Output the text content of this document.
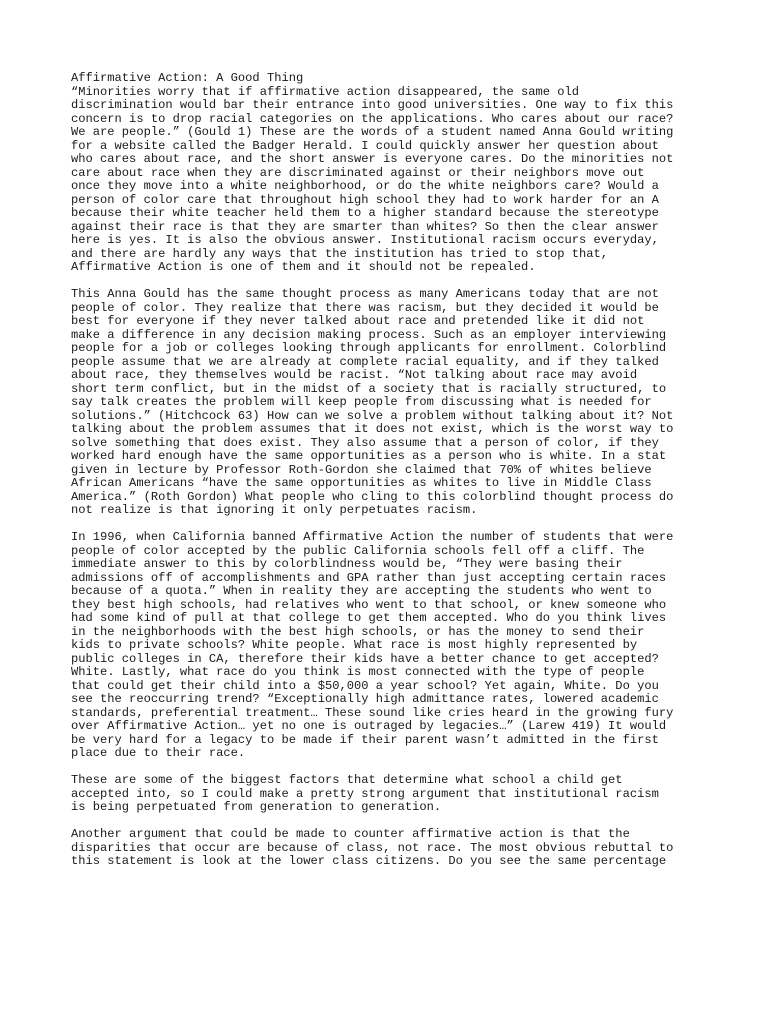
Affirmative Action: A Good Thing

“Minorities worry that if affirmative action disappeared, the same old
discrimination would bar their entrance into good universities. One way to fix this
concern is to drop racial categories on the applications. Who cares about our race?
We are people.” (Gould 1) These are the words of a student named Anna Gould writing
for a website called the Badger Herald. I could quickly answer her question about
who cares about race, and the short answer is everyone cares. Do the minorities not
care about race when they are discriminated against or their neighbors move out
once they move into a white neighborhood, or do the white neighbors care? Would a
person of color care that throughout high school they had to work harder for an A
because their white teacher held them to a higher standard because the stereotype
against their race is that they are smarter than whites? So then the clear answer
here is yes. It is also the obvious answer. Institutional racism occurs everyday,
and there are hardly any ways that the institution has tried to stop that,
Affirmative Action is one of them and it should not be repealed.

This Anna Gould has the same thought process as many Americans today that are not
people of color. They realize that there was racism, but they decided it would be
best for everyone if they never talked about race and pretended like it did not
make a difference in any decision making process. Such as an employer interviewing
people for a job or colleges looking through applicants for enrollment. Colorblind
people assume that we are already at complete racial equality, and if they talked
about race, they themselves would be racist. “Not talking about race may avoid
short term conflict, but in the midst of a society that is racially structured, to
say talk creates the problem will keep people from discussing what is needed for
solutions.” (Hitchcock 63) How can we solve a problem without talking about it? Not
talking about the problem assumes that it does not exist, which is the worst way to
solve something that does exist. They also assume that a person of color, if they
worked hard enough have the same opportunities as a person who is white. In a stat
given in lecture by Professor Roth-Gordon she claimed that 70% of whites believe
African Americans “have the same opportunities as whites to live in Middle Class
America.” (Roth Gordon) What people who cling to this colorblind thought process do
not realize is that ignoring it only perpetuates racism.

In 1996, when California banned Affirmative Action the number of students that were
people of color accepted by the public California schools fell off a cliff. The
immediate answer to this by colorblindness would be, “They were basing their
admissions off of accomplishments and GPA rather than just accepting certain races
because of a quota.” When in reality they are accepting the students who went to
they best high schools, had relatives who went to that school, or knew someone who
had some kind of pull at that college to get them accepted. Who do you think lives
in the neighborhoods with the best high schools, or has the money to send their
kids to private schools? White people. What race is most highly represented by
public colleges in CA, therefore their kids have a better chance to get accepted?
White. Lastly, what race do you think is most connected with the type of people
that could get their child into a $50,000 a year school? Yet again, White. Do you
see the reoccurring trend? “Exceptionally high admittance rates, lowered academic
standards, preferential treatment… These sound like cries heard in the growing fury
over Affirmative Action… yet no one is outraged by legacies…” (Larew 419) It would
be very hard for a legacy to be made if their parent wasn’t admitted in the first
place due to their race.

These are some of the biggest factors that determine what school a child get
accepted into, so I could make a pretty strong argument that institutional racism
is being perpetuated from generation to generation.

Another argument that could be made to counter affirmative action is that the
disparities that occur are because of class, not race. The most obvious rebuttal to
this statement is look at the lower class citizens. Do you see the same percentage
